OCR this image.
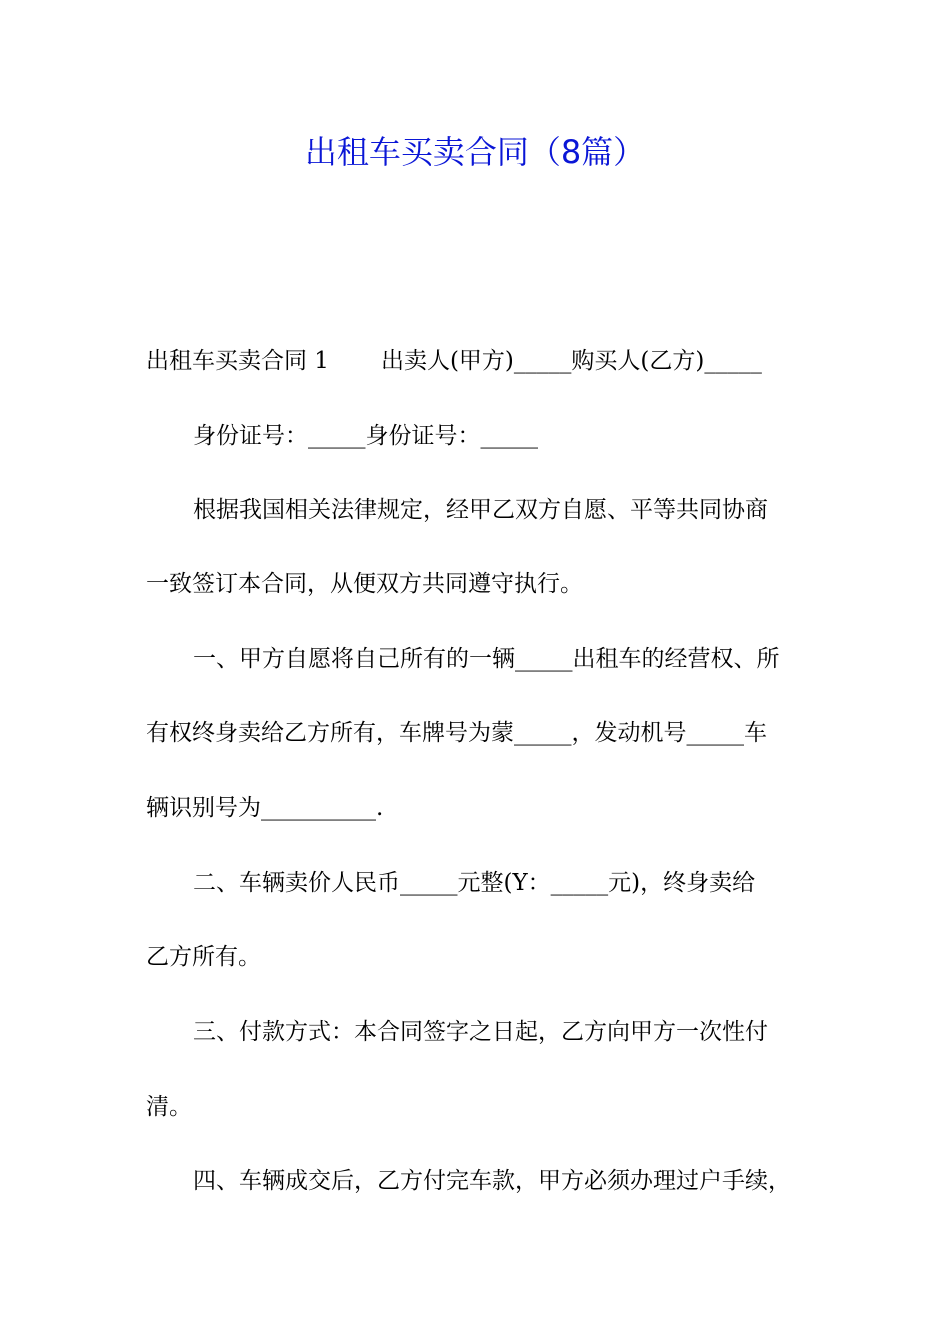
出租车买卖合同（8篇）

出租车买卖合同 1 出卖人(甲方)_____购买人(乙方)_____

身份证号：_____身份证号：_____

根据我国相关法律规定，经甲乙双方自愿、平等共同协商

一致签订本合同，从便双方共同遵守执行。

一、甲方自愿将自己所有的一辆_____出租车的经营权、所

有权终身卖给乙方所有，车牌号为蒙_____，发动机号_____车

辆识别号为__________.

二、车辆卖价人民币_____元整(Y：_____元)，终身卖给

乙方所有。

三、付款方式：本合同签字之日起，乙方向甲方一次性付

清。

四、车辆成交后，乙方付完车款，甲方必须办理过户手续，
